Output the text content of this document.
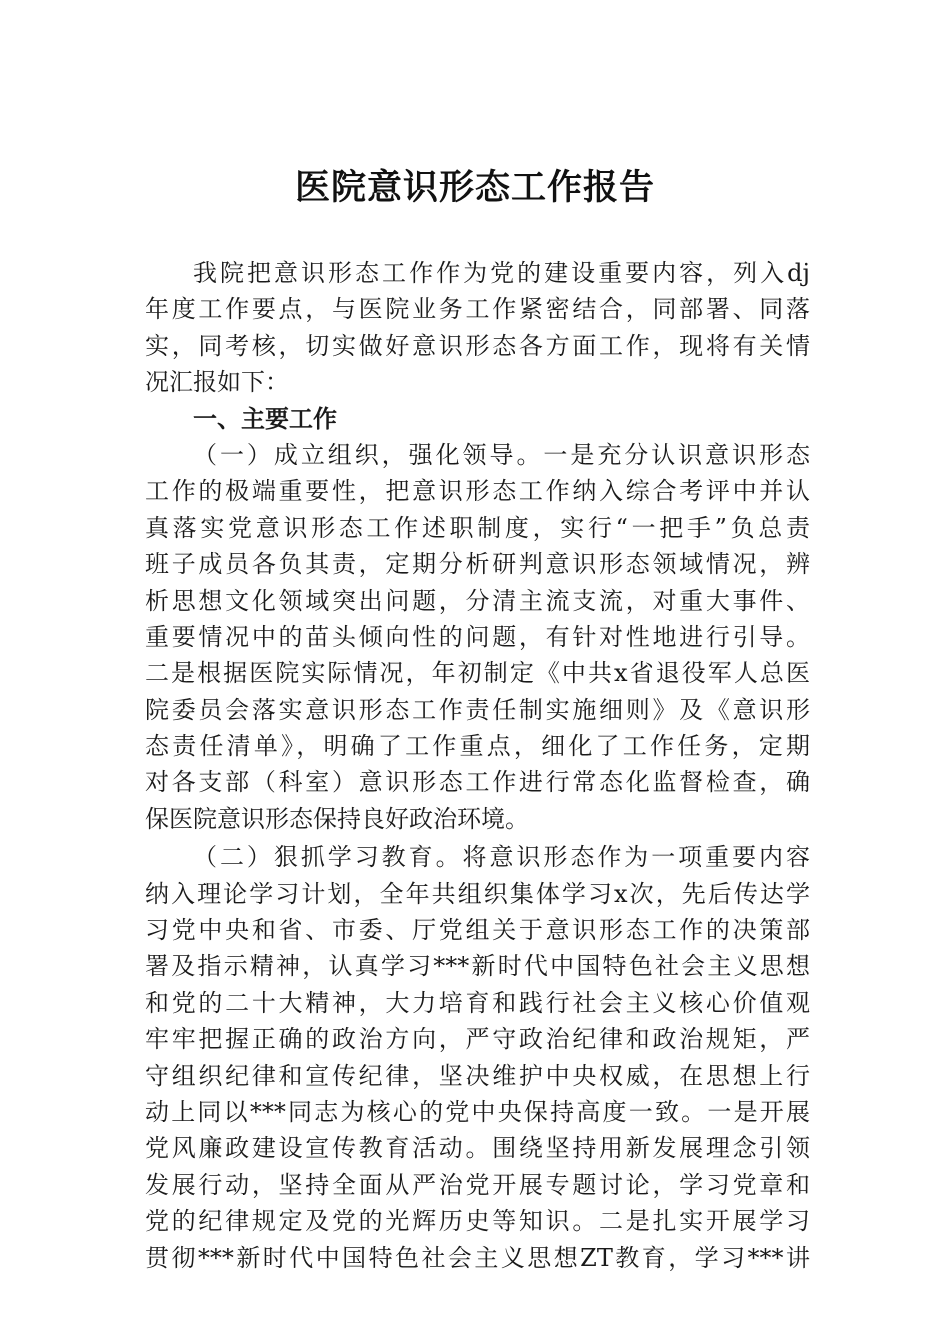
医院意识形态工作报告
我院把意识形态工作作为党的建设重要内容，列入dj
年度工作要点，与医院业务工作紧密结合，同部署、同落
实，同考核，切实做好意识形态各方面工作，现将有关情
况汇报如下：
一、主要工作
（一）成立组织，强化领导。一是充分认识意识形态
工作的极端重要性，把意识形态工作纳入综合考评中并认
真落实党意识形态工作述职制度，实行“一把手”负总责
班子成员各负其责，定期分析研判意识形态领域情况，辨
析思想文化领域突出问题，分清主流支流，对重大事件、
重要情况中的苗头倾向性的问题，有针对性地进行引导。
二是根据医院实际情况，年初制定《中共x省退役军人总医
院委员会落实意识形态工作责任制实施细则》及《意识形
态责任清单》，明确了工作重点，细化了工作任务，定期
对各支部（科室）意识形态工作进行常态化监督检查，确
保医院意识形态保持良好政治环境。
（二）狠抓学习教育。将意识形态作为一项重要内容
纳入理论学习计划，全年共组织集体学习x次，先后传达学
习党中央和省、市委、厅党组关于意识形态工作的决策部
署及指示精神，认真学习***新时代中国特色社会主义思想
和党的二十大精神，大力培育和践行社会主义核心价值观
牢牢把握正确的政治方向，严守政治纪律和政治规矩，严
守组织纪律和宣传纪律，坚决维护中央权威，在思想上行
动上同以***同志为核心的党中央保持高度一致。一是开展
党风廉政建设宣传教育活动。围绕坚持用新发展理念引领
发展行动，坚持全面从严治党开展专题讨论，学习党章和
党的纪律规定及党的光辉历史等知识。二是扎实开展学习
贯彻***新时代中国特色社会主义思想ZT教育，学习***讲
